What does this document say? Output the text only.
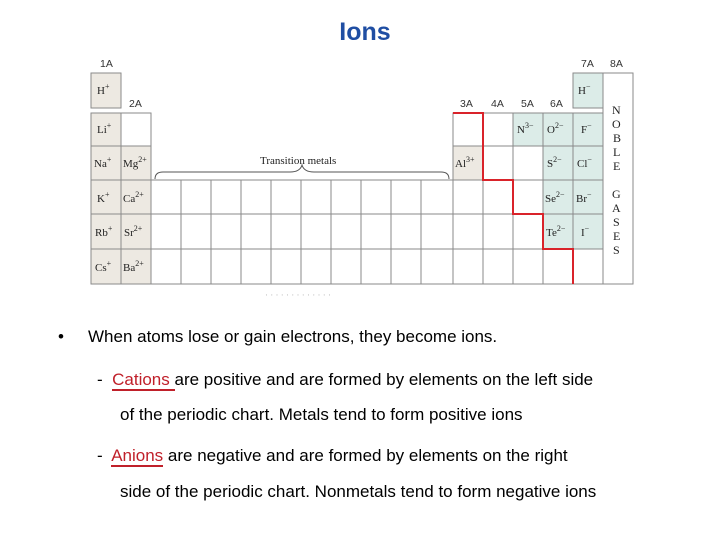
Ions
1A
2A	3A 4A 5A 6A
7A 8A
H+
Li+
Na+
K+
Rb+
Cs+
$Mg^{2+}$
$Ca^{2+}$
$Sr^{2+}$
$Ba^{2+}$
Transition metals
$N^{3-}$ $O^{2-}$ F−
$Al^{3+}$	$S^{2-}$ Cl−
$Se^{2-}$ Br−
$Te^{2-}$ I−
H−
N
O
B
L
E
G
A
S
E
S
· · · · · · · · · · · · ·
• When atoms lose or gain electrons, they become ions.
- Cations are positive and are formed by elements on the left side
of the periodic chart. Metals tend to form positive ions
- Anions are negative and are formed by elements on the right
side of the periodic chart. Nonmetals tend to form negative ions
